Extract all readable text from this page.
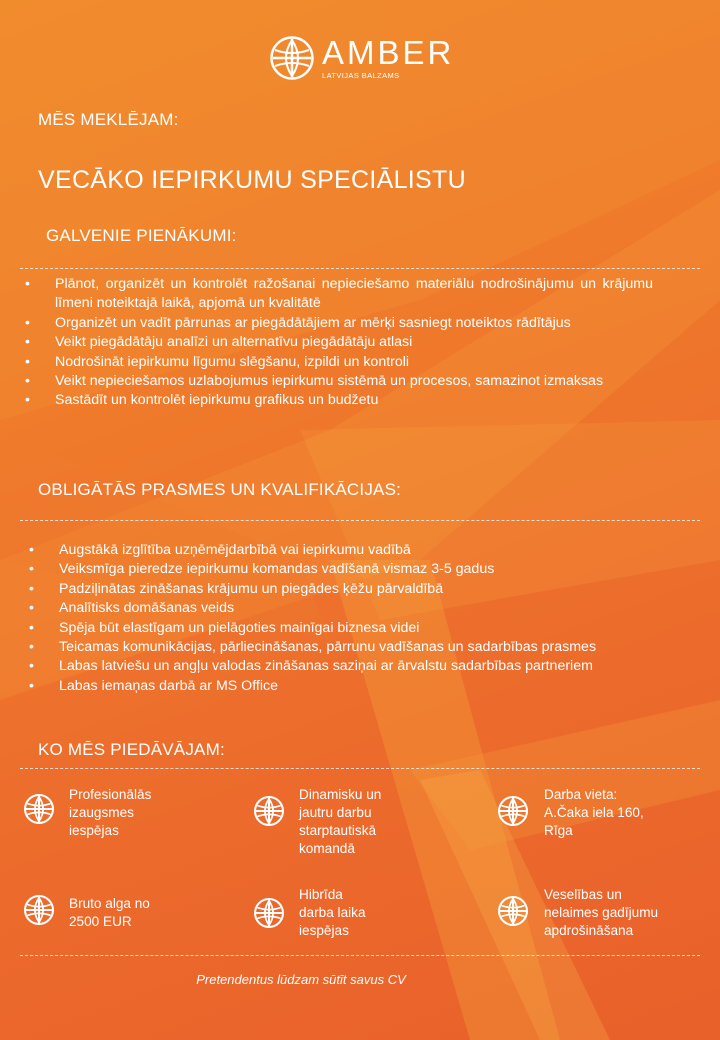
AMBER
LATVIJAS BALZAMS
MĒS MEKLĒJAM:
VECĀKO IEPIRKUMU SPECIĀLISTU
GALVENIE PIENĀKUMI:
• Plānot, organizēt un kontrolēt ražošanai nepieciešamo materiālu nodrošinājumu un krājumu līmeni noteiktajā laikā, apjomā un kvalitātē
• Organizēt un vadīt pārrunas ar piegādātājiem ar mērķi sasniegt noteiktos rādītājus
• Veikt piegādātāju analīzi un alternatīvu piegādātāju atlasi
• Nodrošināt iepirkumu līgumu slēgšanu, izpildi un kontroli
• Veikt nepieciešamos uzlabojumus iepirkumu sistēmā un procesos, samazinot izmaksas
• Sastādīt un kontrolēt iepirkumu grafikus un budžetu
OBLIGĀTĀS PRASMES UN KVALIFIKĀCIJAS:
• Augstākā izglītība uzņēmējdarbībā vai iepirkumu vadībā
• Veiksmīga pieredze iepirkumu komandas vadīšanā vismaz 3-5 gadus
• Padziļinātas zināšanas krājumu un piegādes ķēžu pārvaldībā
• Analītisks domāšanas veids
• Spēja būt elastīgam un pielāgoties mainīgai biznesa videi
• Teicamas komunikācijas, pārliecināšanas, pārrunu vadīšanas un sadarbības prasmes
• Labas latviešu un angļu valodas zināšanas saziņai ar ārvalstu sadarbības partneriem
• Labas iemaņas darbā ar MS Office
KO MĒS PIEDĀVĀJAM:
Profesionālās
izaugsmes
iespējas
Dinamisku un
jautru darbu
starptautiskā
komandā
Darba vieta:
A.Čaka iela 160,
Rīga
Bruto alga no
2500 EUR
Hibrīda
darba laika
iespējas
Veselības un
nelaimes gadījumu
apdrošināšana
Pretendentus lūdzam sūtīt savus CV
